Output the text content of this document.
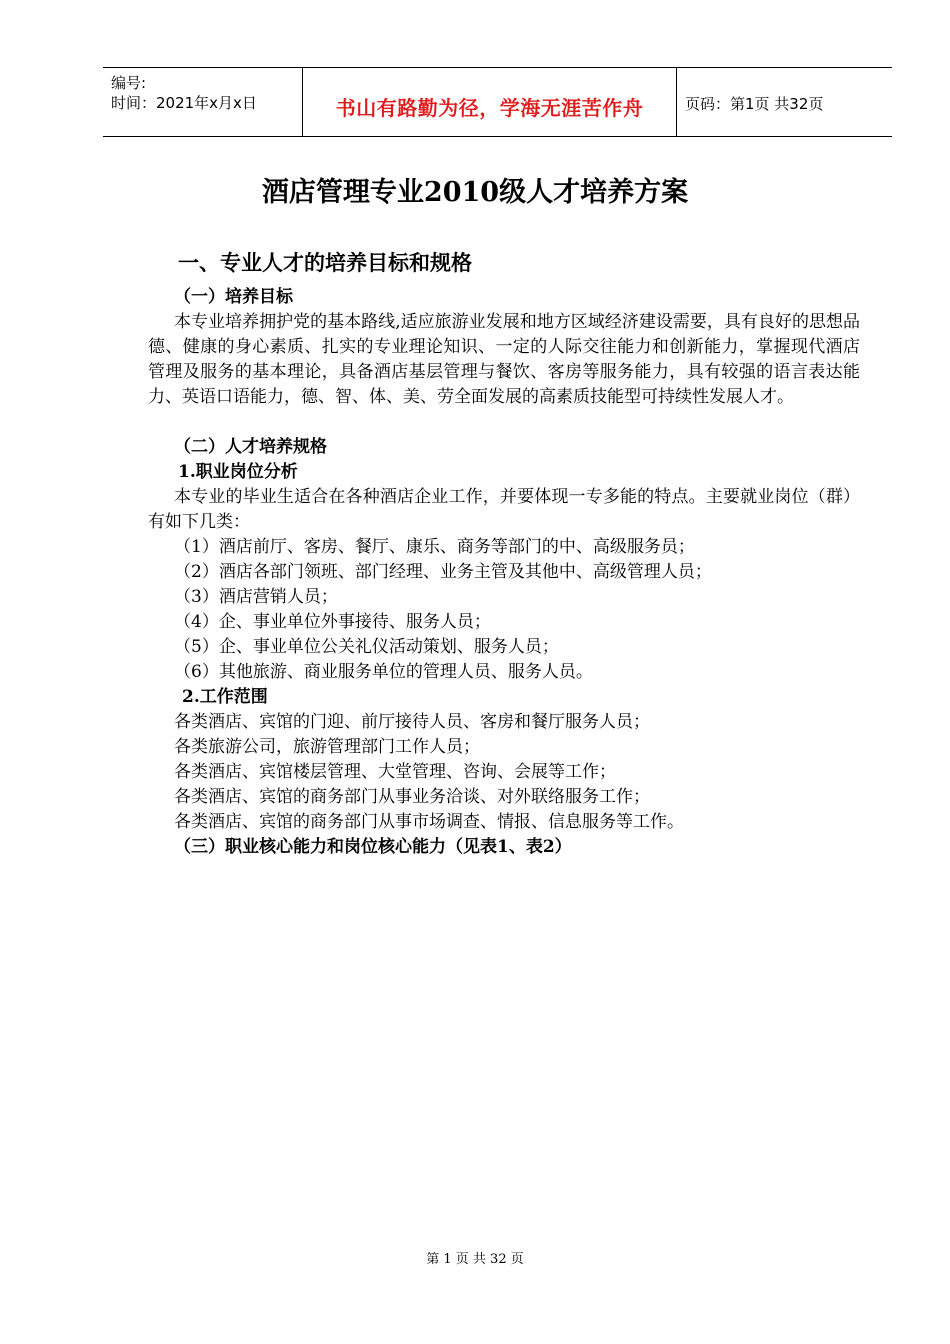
编号:
时间：2021年x月x日	书山有路勤为径，学海无涯苦作舟	页码：第1页 共32页
酒店管理专业2010级人才培养方案
一、专业人才的培养目标和规格
（一）培养目标
本专业培养拥护党的基本路线,适应旅游业发展和地方区域经济建设需要，具有良好的思想品德、健康的身心素质、扎实的专业理论知识、一定的人际交往能力和创新能力，掌握现代酒店管理及服务的基本理论，具备酒店基层管理与餐饮、客房等服务能力，具有较强的语言表达能力、英语口语能力，德、智、体、美、劳全面发展的高素质技能型可持续性发展人才。
（二）人才培养规格
1.职业岗位分析
本专业的毕业生适合在各种酒店企业工作，并要体现一专多能的特点。主要就业岗位（群）有如下几类：
（1）酒店前厅、客房、餐厅、康乐、商务等部门的中、高级服务员；
（2）酒店各部门领班、部门经理、业务主管及其他中、高级管理人员；
（3）酒店营销人员；
（4）企、事业单位外事接待、服务人员；
（5）企、事业单位公关礼仪活动策划、服务人员；
（6）其他旅游、商业服务单位的管理人员、服务人员。
2.工作范围
各类酒店、宾馆的门迎、前厅接待人员、客房和餐厅服务人员；
各类旅游公司，旅游管理部门工作人员；
各类酒店、宾馆楼层管理、大堂管理、咨询、会展等工作；
各类酒店、宾馆的商务部门从事业务洽谈、对外联络服务工作；
各类酒店、宾馆的商务部门从事市场调查、情报、信息服务等工作。
（三）职业核心能力和岗位核心能力（见表1、表2）
第 1 页 共 32 页
